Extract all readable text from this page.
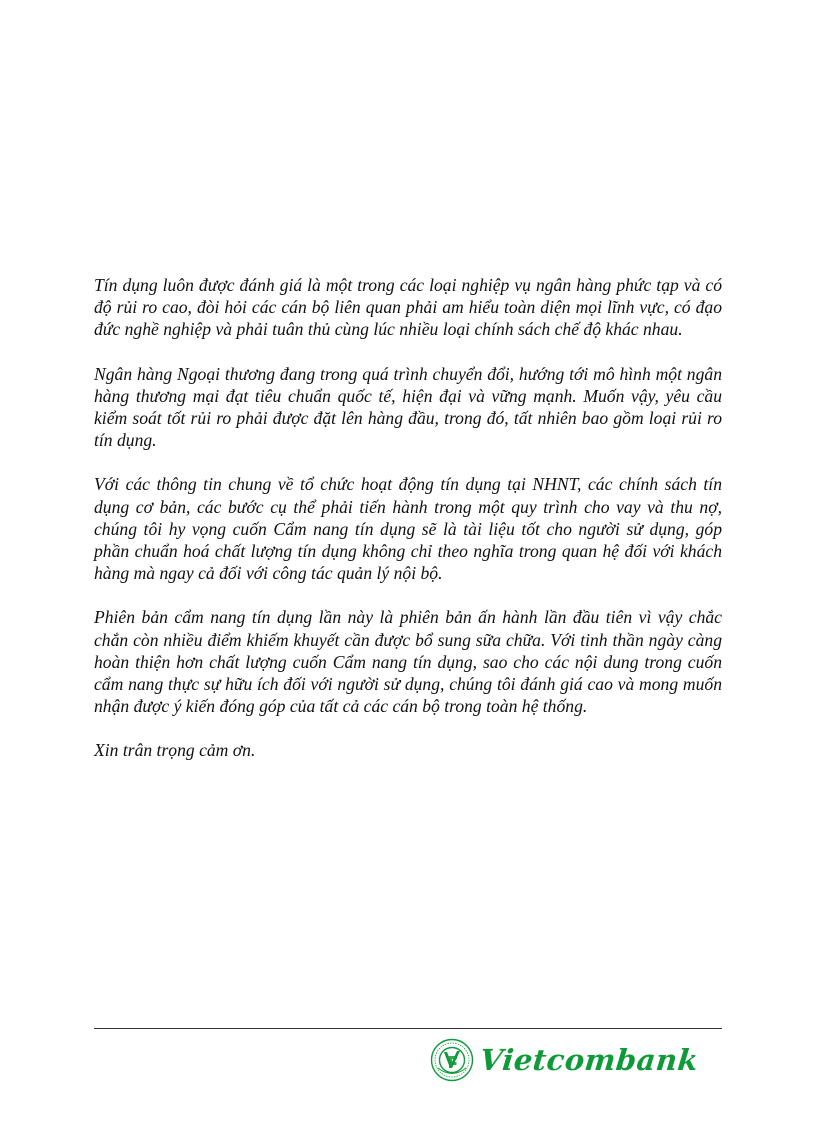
Tín dụng luôn được đánh giá là một trong các loại nghiệp vụ ngân hàng phức tạp và có độ rủi ro cao, đòi hỏi các cán bộ liên quan phải am hiểu toàn diện mọi lĩnh vực, có đạo đức nghề nghiệp và phải tuân thủ cùng lúc nhiều loại chính sách chế độ khác nhau.

Ngân hàng Ngoại thương đang trong quá trình chuyển đổi, hướng tới mô hình một ngân hàng thương mại đạt tiêu chuẩn quốc tế, hiện đại và vững mạnh. Muốn vậy, yêu cầu kiểm soát tốt rủi ro phải được đặt lên hàng đầu, trong đó, tất nhiên bao gồm loại rủi ro tín dụng.

Với các thông tin chung về tổ chức hoạt động tín dụng tại NHNT, các chính sách tín dụng cơ bản, các bước cụ thể phải tiến hành trong một quy trình cho vay và thu nợ, chúng tôi hy vọng cuốn Cẩm nang tín dụng sẽ là tài liệu tốt cho người sử dụng, góp phần chuẩn hoá chất lượng tín dụng không chỉ theo nghĩa trong quan hệ đối với khách hàng mà ngay cả đối với công tác quản lý nội bộ.

Phiên bản cẩm nang tín dụng lần này là phiên bản ấn hành lần đầu tiên vì vậy chắc chắn còn nhiều điểm khiếm khuyết cần được bổ sung sữa chữa. Với tinh thần ngày càng hoàn thiện hơn chất lượng cuốn Cẩm nang tín dụng, sao cho các nội dung trong cuốn cẩm nang thực sự hữu ích đối với người sử dụng, chúng tôi đánh giá cao và mong muốn nhận được ý kiến đóng góp của tất cả các cán bộ trong toàn hệ thống.

Xin trân trọng cảm ơn.

Vietcombank
